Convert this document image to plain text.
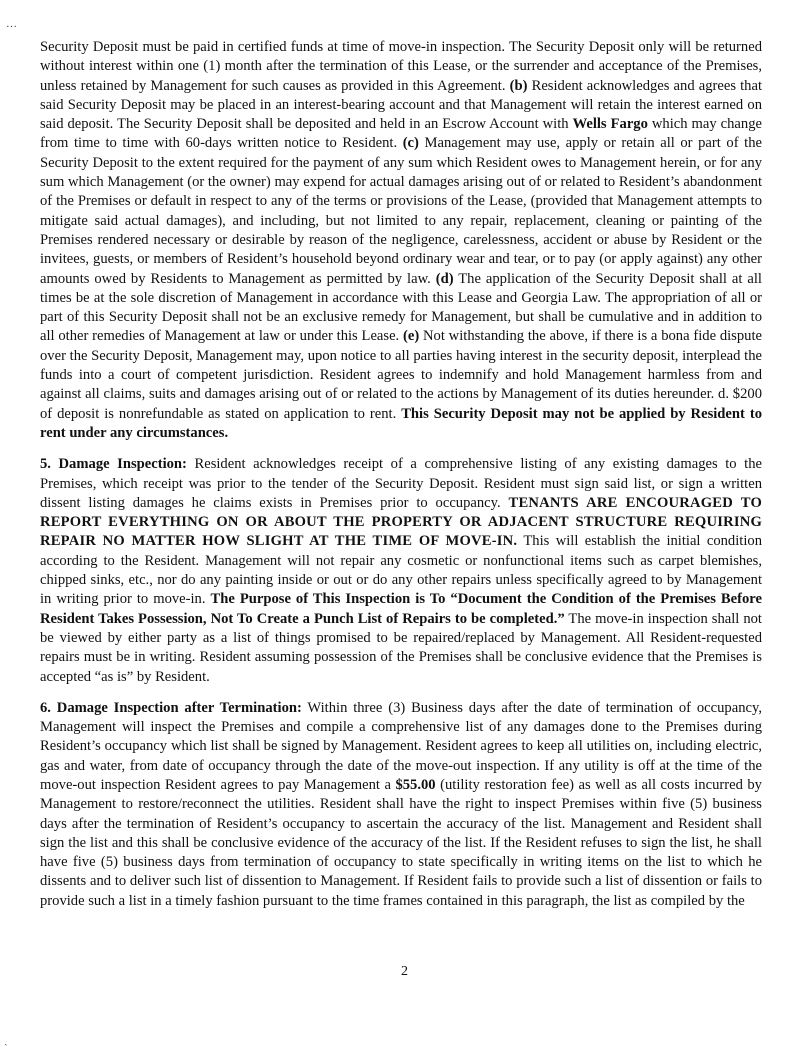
…

Security Deposit must be paid in certified funds at time of move-in inspection. The Security Deposit only will be returned without interest within one (1) month after the termination of this Lease, or the surrender and acceptance of the Premises, unless retained by Management for such causes as provided in this Agreement. (b) Resident acknowledges and agrees that said Security Deposit may be placed in an interest-bearing account and that Management will retain the interest earned on said deposit. The Security Deposit shall be deposited and held in an Escrow Account with Wells Fargo which may change from time to time with 60-days written notice to Resident. (c) Management may use, apply or retain all or part of the Security Deposit to the extent required for the payment of any sum which Resident owes to Management herein, or for any sum which Management (or the owner) may expend for actual damages arising out of or related to Resident’s abandonment of the Premises or default in respect to any of the terms or provisions of the Lease, (provided that Management attempts to mitigate said actual damages), and including, but not limited to any repair, replacement, cleaning or painting of the Premises rendered necessary or desirable by reason of the negligence, carelessness, accident or abuse by Resident or the invitees, guests, or members of Resident’s household beyond ordinary wear and tear, or to pay (or apply against) any other amounts owed by Residents to Management as permitted by law. (d) The application of the Security Deposit shall at all times be at the sole discretion of Management in accordance with this Lease and Georgia Law. The appropriation of all or part of this Security Deposit shall not be an exclusive remedy for Management, but shall be cumulative and in addition to all other remedies of Management at law or under this Lease. (e) Not withstanding the above, if there is a bona fide dispute over the Security Deposit, Management may, upon notice to all parties having interest in the security deposit, interplead the funds into a court of competent jurisdiction. Resident agrees to indemnify and hold Management harmless from and against all claims, suits and damages arising out of or related to the actions by Management of its duties hereunder. d. $200 of deposit is nonrefundable as stated on application to rent. This Security Deposit may not be applied by Resident to rent under any circumstances.

5. Damage Inspection: Resident acknowledges receipt of a comprehensive listing of any existing damages to the Premises, which receipt was prior to the tender of the Security Deposit. Resident must sign said list, or sign a written dissent listing damages he claims exists in Premises prior to occupancy. TENANTS ARE ENCOURAGED TO REPORT EVERYTHING ON OR ABOUT THE PROPERTY OR ADJACENT STRUCTURE REQUIRING REPAIR NO MATTER HOW SLIGHT AT THE TIME OF MOVE-IN. This will establish the initial condition according to the Resident. Management will not repair any cosmetic or nonfunctional items such as carpet blemishes, chipped sinks, etc., nor do any painting inside or out or do any other repairs unless specifically agreed to by Management in writing prior to move-in. The Purpose of This Inspection is To “Document the Condition of the Premises Before Resident Takes Possession, Not To Create a Punch List of Repairs to be completed.” The move-in inspection shall not be viewed by either party as a list of things promised to be repaired/replaced by Management. All Resident-requested repairs must be in writing. Resident assuming possession of the Premises shall be conclusive evidence that the Premises is accepted “as is” by Resident.

6. Damage Inspection after Termination: Within three (3) Business days after the date of termination of occupancy, Management will inspect the Premises and compile a comprehensive list of any damages done to the Premises during Resident’s occupancy which list shall be signed by Management. Resident agrees to keep all utilities on, including electric, gas and water, from date of occupancy through the date of the move-out inspection. If any utility is off at the time of the move-out inspection Resident agrees to pay Management a $55.00 (utility restoration fee) as well as all costs incurred by Management to restore/reconnect the utilities. Resident shall have the right to inspect Premises within five (5) business days after the termination of Resident’s occupancy to ascertain the accuracy of the list. Management and Resident shall sign the list and this shall be conclusive evidence of the accuracy of the list. If the Resident refuses to sign the list, he shall have five (5) business days from termination of occupancy to state specifically in writing items on the list to which he dissents and to deliver such list of dissention to Management. If Resident fails to provide such a list of dissention or fails to provide such a list in a timely fashion pursuant to the time frames contained in this paragraph, the list as compiled by the

2
ˎ
